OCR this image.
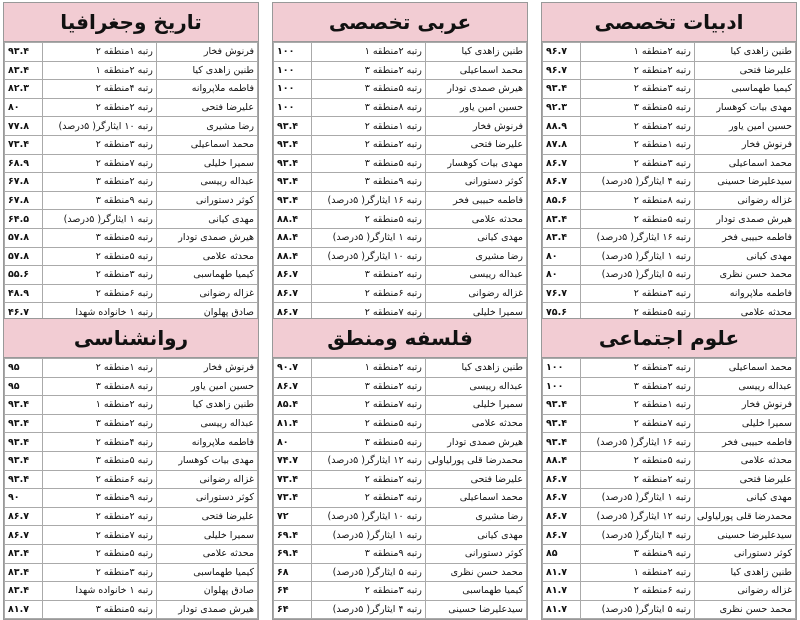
ادبیات تخصصی
طنین زاهدی کیا	رتبه ۲منطقه ۱	۹۶.۷
علیرضا فتحی	رتبه ۲منطقه ۲	۹۶.۷
کیمیا طهماسبی	رتبه ۳منطقه ۲	۹۳.۴
مهدی بیات کوهسار	رتبه ۵منطقه ۳	۹۲.۳
حسین امین یاور	رتبه ۲منطقه ۲	۸۸.۹
فرنوش فخار	رتبه ۱منطقه ۲	۸۷.۸
محمد اسماعیلی	رتبه ۳منطقه ۲	۸۶.۷
سیدعلیرضا حسینی	رتبه ۴ ایثارگر( ۵درصد)	۸۶.۷
غزاله رضوانی	رتبه ۸منطقه ۲	۸۵.۶
هیرش صمدی تودار	رتبه ۵منطقه ۲	۸۳.۴
فاطمه حبیبی فخر	رتبه ۱۶ ایثارگر( ۵درصد)	۸۳.۴
مهدی کیانی	رتبه ۱ ایثارگر( ۵درصد)	۸۰
محمد حسن نظری	رتبه ۵ ایثارگر( ۵درصد)	۸۰
فاطمه ملاپروانه	رتبه ۳منطقه ۲	۷۶.۷
محدثه علامی	رتبه ۵منطقه ۲	۷۵.۶
عربی تخصصی
طنین زاهدی کیا	رتبه ۲منطقه ۱	۱۰۰
محمد اسماعیلی	رتبه ۲منطقه ۳	۱۰۰
هیرش صمدی تودار	رتبه ۵منطقه ۳	۱۰۰
حسین امین یاور	رتبه ۸منطقه ۳	۱۰۰
فرنوش فخار	رتبه ۱منطقه ۲	۹۳.۴
علیرضا فتحی	رتبه ۲منطقه ۲	۹۳.۴
مهدی بیات کوهسار	رتبه ۵منطقه ۳	۹۳.۴
کوثر دستورانی	رتبه ۹منطقه ۳	۹۳.۴
فاطمه حبیبی فخر	رتبه ۱۶ ایثارگر( ۵درصد)	۹۳.۴
محدثه علامی	رتبه ۵منطقه ۲	۸۸.۴
مهدی کیانی	رتبه ۱ ایثارگر( ۵درصد)	۸۸.۴
رضا مشیری	رتبه ۱۰ ایثارگر( ۵درصد)	۸۸.۴
عبداله رییسی	رتبه ۲منطقه ۳	۸۶.۷
غزاله رضوانی	رتبه ۶منطقه ۲	۸۶.۷
سمیرا خلیلی	رتبه ۷منطقه ۲	۸۶.۷
تاریخ وجغرافیا
فرنوش فخار	رتبه ۱منطقه ۲	۹۳.۴
طنین زاهدی کیا	رتبه ۲منطقه ۱	۸۳.۴
فاطمه ملاپروانه	رتبه ۴منطقه ۲	۸۲.۳
علیرضا فتحی	رتبه ۲منطقه ۲	۸۰
رضا مشیری	رتبه ۱۰ ایثارگر( ۵درصد)	۷۷.۸
محمد اسماعیلی	رتبه ۳منطقه ۲	۷۳.۴
سمیرا خلیلی	رتبه ۷منطقه ۲	۶۸.۹
عبداله رییسی	رتبه ۲منطقه ۳	۶۷.۸
کوثر دستورانی	رتبه ۹منطقه ۳	۶۷.۸
مهدی کیانی	رتبه ۱ ایثارگر( ۵درصد)	۶۴.۵
هیرش صمدی تودار	رتبه ۵منطقه ۳	۵۷.۸
محدثه علامی	رتبه ۵منطقه ۲	۵۷.۸
کیمیا طهماسبی	رتبه ۳منطقه ۲	۵۵.۶
غزاله رضوانی	رتبه ۶منطقه ۲	۴۸.۹
صادق پهلوان	رتبه ۱ خانواده شهدا	۴۶.۷
علوم اجتماعی
محمد اسماعیلی	رتبه ۳منطقه ۲	۱۰۰
عبداله رییسی	رتبه ۲منطقه ۳	۱۰۰
فرنوش فخار	رتبه ۱منطقه ۲	۹۳.۴
سمیرا خلیلی	رتبه ۷منطقه ۲	۹۳.۴
فاطمه حبیبی فخر	رتبه ۱۶ ایثارگر( ۵درصد)	۹۳.۴
محدثه علامی	رتبه ۵منطقه ۲	۸۸.۴
علیرضا فتحی	رتبه ۲منطقه ۲	۸۶.۷
مهدی کیانی	رتبه ۱ ایثارگر( ۵درصد)	۸۶.۷
محمدرضا قلی پورلیاولی	رتبه ۱۲ ایثارگر( ۵درصد)	۸۶.۷
سیدعلیرضا حسینی	رتبه ۴ ایثارگر( ۵درصد)	۸۶.۷
کوثر دستورانی	رتبه ۹منطقه ۳	۸۵
طنین زاهدی کیا	رتبه ۲منطقه ۱	۸۱.۷
غزاله رضوانی	رتبه ۶منطقه ۲	۸۱.۷
محمد حسن نظری	رتبه ۵ ایثارگر( ۵درصد)	۸۱.۷
فلسفه ومنطق
طنین زاهدی کیا	رتبه ۲منطقه ۱	۹۰.۷
عبداله رییسی	رتبه ۲منطقه ۳	۸۶.۷
سمیرا خلیلی	رتبه ۷منطقه ۲	۸۵.۴
محدثه علامی	رتبه ۵منطقه ۲	۸۱.۴
هیرش صمدی تودار	رتبه ۵منطقه ۳	۸۰
محمدرضا قلی پورلیاولی	رتبه ۱۲ ایثارگر( ۵درصد)	۷۴.۷
علیرضا فتحی	رتبه ۲منطقه ۲	۷۳.۴
محمد اسماعیلی	رتبه ۳منطقه ۲	۷۳.۴
رضا مشیری	رتبه ۱۰ ایثارگر( ۵درصد)	۷۲
مهدی کیانی	رتبه ۱ ایثارگر( ۵درصد)	۶۹.۴
کوثر دستورانی	رتبه ۹منطقه ۳	۶۹.۴
محمد حسن نظری	رتبه ۵ ایثارگر( ۵درصد)	۶۸
کیمیا طهماسبی	رتبه ۳منطقه ۲	۶۴
سیدعلیرضا حسینی	رتبه ۴ ایثارگر( ۵درصد)	۶۴
روانشناسی
فرنوش فخار	رتبه ۱منطقه ۲	۹۵
حسین امین یاور	رتبه ۸منطقه ۳	۹۵
طنین زاهدی کیا	رتبه ۲منطقه ۱	۹۳.۴
عبداله رییسی	رتبه ۲منطقه ۳	۹۳.۴
فاطمه ملاپروانه	رتبه ۴منطقه ۲	۹۳.۴
مهدی بیات کوهسار	رتبه ۵منطقه ۳	۹۳.۴
غزاله رضوانی	رتبه ۶منطقه ۲	۹۳.۴
کوثر دستورانی	رتبه ۹منطقه ۳	۹۰
علیرضا فتحی	رتبه ۲منطقه ۲	۸۶.۷
سمیرا خلیلی	رتبه ۷منطقه ۲	۸۶.۷
محدثه علامی	رتبه ۵منطقه ۲	۸۳.۴
کیمیا طهماسبی	رتبه ۳منطقه ۲	۸۳.۴
صادق پهلوان	رتبه ۱ خانواده شهدا	۸۳.۴
هیرش صمدی تودار	رتبه ۵منطقه ۳	۸۱.۷
